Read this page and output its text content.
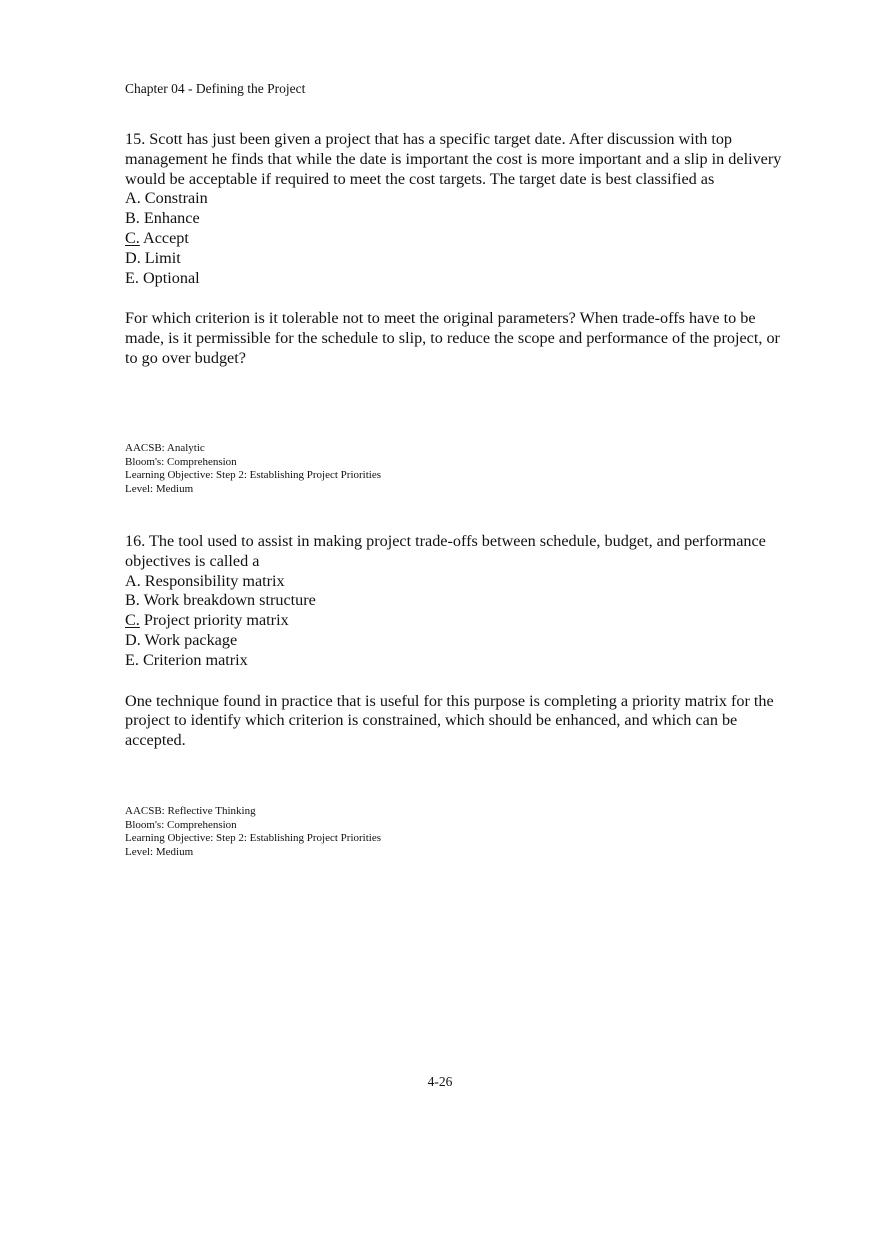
Chapter 04 - Defining the Project
15. Scott has just been given a project that has a specific target date. After discussion with top management he finds that while the date is important the cost is more important and a slip in delivery would be acceptable if required to meet the cost targets. The target date is best classified as
A. Constrain
B. Enhance
C. Accept
D. Limit
E. Optional
For which criterion is it tolerable not to meet the original parameters? When trade-offs have to be made, is it permissible for the schedule to slip, to reduce the scope and performance of the project, or to go over budget?
AACSB: Analytic
Bloom's: Comprehension
Learning Objective: Step 2: Establishing Project Priorities
Level: Medium
16. The tool used to assist in making project trade-offs between schedule, budget, and performance objectives is called a
A. Responsibility matrix
B. Work breakdown structure
C. Project priority matrix
D. Work package
E. Criterion matrix
One technique found in practice that is useful for this purpose is completing a priority matrix for the project to identify which criterion is constrained, which should be enhanced, and which can be accepted.
AACSB: Reflective Thinking
Bloom's: Comprehension
Learning Objective: Step 2: Establishing Project Priorities
Level: Medium
4-26
